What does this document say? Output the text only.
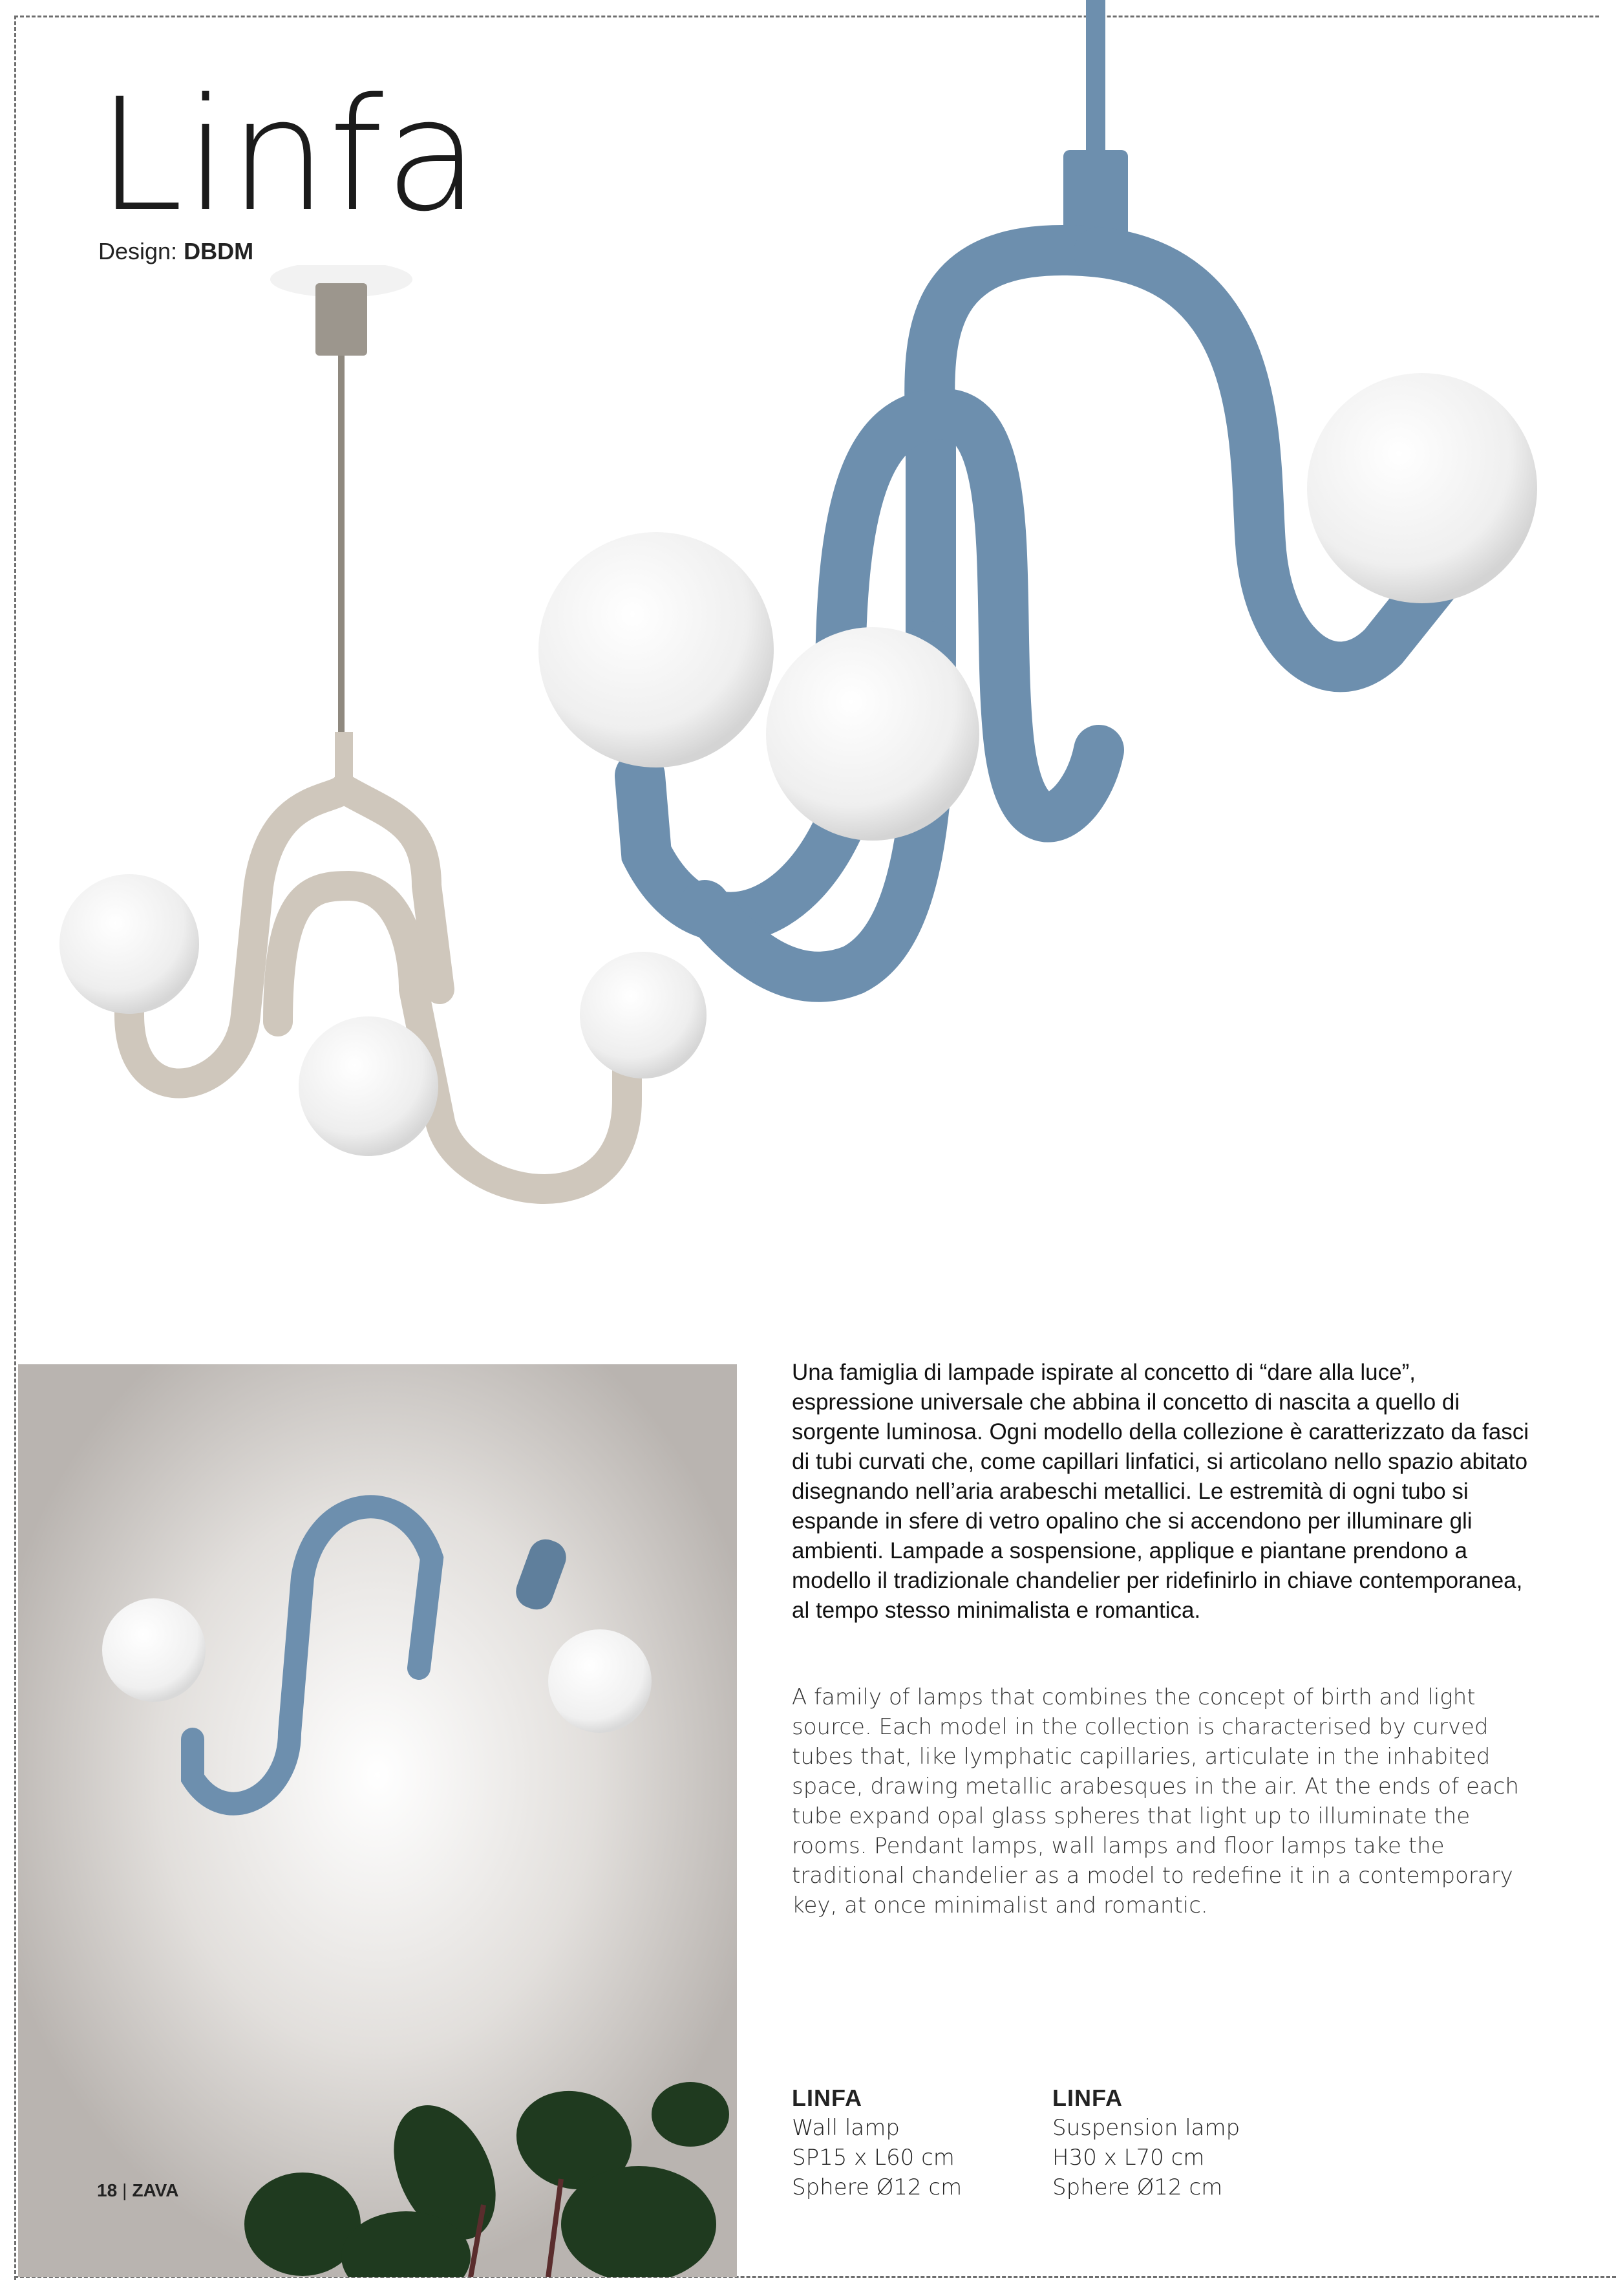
Linfa
Design: DBDM

Una famiglia di lampade ispirate al concetto di “dare alla luce”, espressione universale che abbina il concetto di nascita a quello di sorgente luminosa. Ogni modello della collezione è caratterizzato da fasci di tubi curvati che, come capillari linfatici, si articolano nello spazio abitato disegnando nell’aria arabeschi metallici. Le estremità di ogni tubo si espande in sfere di vetro opalino che si accendono per illuminare gli ambienti. Lampade a sospensione, applique e piantane prendono a modello il tradizionale chandelier per ridefinirlo in chiave contemporanea, al tempo stesso minimalista e romantica.

A family of lamps that combines the concept of birth and light source. Each model in the collection is characterised by curved tubes that, like lymphatic capillaries, articulate in the inhabited space, drawing metallic arabesques in the air. At the ends of each tube expand opal glass spheres that light up to illuminate the rooms. Pendant lamps, wall lamps and floor lamps take the traditional chandelier as a model to redefine it in a contemporary key, at once minimalist and romantic.

LINFA
Wall lamp
SP15 x L60 cm
Sphere Ø12 cm
LINFA
Suspension lamp
H30 x L70 cm
Sphere Ø12 cm
18 | ZAVA
